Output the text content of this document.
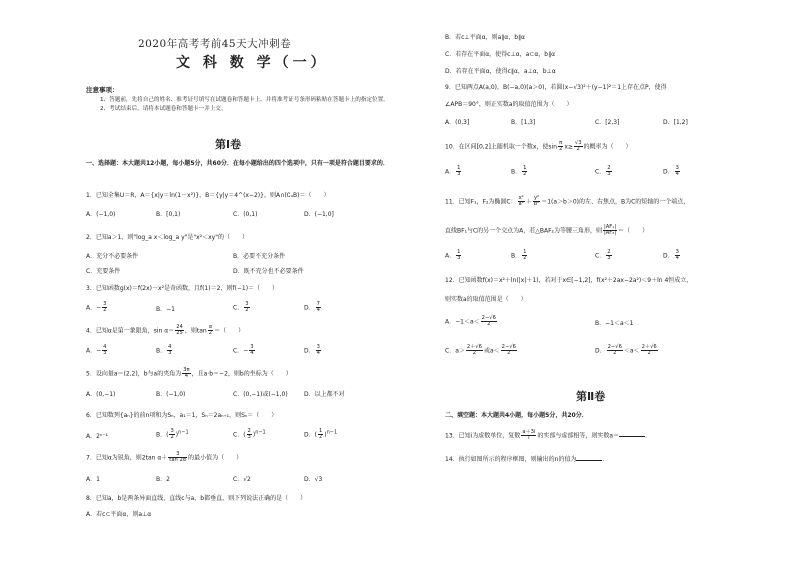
2020年高考考前45天大冲刺卷
文 科 数 学（一）
注意事项：

1、答题前，先将自己的姓名、准考证号填写在试题卷和答题卡上，并将准考证号条形码粘贴在答题卡上的指定位置。

2、考试结束后，请将本试题卷和答题卡一并上交。

第Ⅰ卷
一、选择题：本大题共12小题，每小题5分，共60分．在每小题给出的四个选项中，只有一项是符合题目要求的．
1．已知全集U＝R，A＝{x|y＝ln(1－x²)}，B＝{y|y＝4^(x−2)}，则A∩(∁ᵤB)＝（　　）
A．(−1,0)	B．[0,1)	C．(0,1)	D．(−1,0]
2．已知a＞1，则"log_a x＜log_a y"是"x²＜xy"的（　　）
A．充分不必要条件	B．必要不充分条件
C．充要条件	D．既不充分也不必要条件
3．已知函数g(x)＝f(2x)－x²是奇函数，且f(1)＝2，则f(−1)＝（　　）
A．− $\frac{3}{2}$	B．−1	C． $\frac{3}{2}$	D． $\frac{7}{4}$
4．已知α是第一象限角，$\sin \alpha= \frac{24}{25}$ ，则$\tan \frac{\alpha}{2}$ ＝（　　）
A．− $\frac{4}{3}$	B． $\frac{4}{3}$	C．− $\frac{3}{4}$	D． $\frac{3}{4}$
5．设向量a＝(2,2)，b与a的夹角为 $\frac{3\pi}{4}$ ，且a·b＝−2，则b的坐标为（　　）
A．(0,−1)	B．(−1,0)	C．(0,−1)或(−1,0)	D．以上都不对
6．已知数列{aₙ}的前n项和为Sₙ，a₁＝1，Sₙ＝2aₙ₊₁，则Sₙ＝（　　）
A．2ⁿ⁻¹	B．( $\frac{3}{2} )^{n-1}$	C．( $\frac{2}{3} )^{n-1}$	D．( $\frac{1}{2} )^{n-1}$
7．已知α为锐角，则2tan $\alpha+ \frac{3}{\tan 2\alpha}$ 的最小值为（　　）
A．1	B．2	C．√2	D．√3
8．已知a，b是两条异面直线，直线c与a，b都垂直，则下列说法正确的是（　　）
A．若c⊂平面α，则a⊥α
B．若c⊥平面α，则a∥α，b∥α
C．若存在平面α，使得c⊥α，a⊂α，b∥α
D．若存在平面α，使得c∥α，a⊥α，b⊥α
9．已知两点A(a,0)，B(−a,0)(a＞0)，若圆(x−√3)²＋(y−1)²＝1上存在点P，使得
∠APB＝90°，则正实数a的取值范围为（　　）
A．(0,3]	B．[1,3]	C．[2,3]	D．[1,2]
10．在区间[0,2]上随机取一个数x，使$\sin \frac{\pi}{2} x\ge \frac{√3}{2}$ 的概率为（　　）
A． $\frac{1}{3}$	B． $\frac{1}{2}$	C． $\frac{2}{3}$	D． $\frac{3}{4}$
11．已知F₁，F₂为椭圆C： $\frac{\text{x²}}{\text{a²}} + \frac{\text{y²}}{\text{b²}} =1(a>b>0)$的左、右焦点，B为C的短轴的一个端点，
直线BF₁与C的另一个交点为A，若△BAF₂为等腰三角形，则 $\frac{\text{|AF₁|}}{\text{|AF₂|}}$ ＝（　　）
A． $\frac{1}{3}$	B． $\frac{1}{2}$	C． $\frac{2}{3}$	D． $\frac{3}{4}$
12．已知函数f(x)＝x²＋ln(|x|＋1)，若对于x∈[−1,2]，f(x²＋2ax−2a²)＜9＋ln 4恒成立，
则实数a的取值范围是（　　）
A．$-1<a< \frac{2-√6}{2}$	B．−1＜a＜1
C．$a> \frac{2+√6}{2}$ 或$a< \frac{2-√6}{2}$	D． $\frac{2-√6}{2} <a< \frac{2+√6}{2}$
第Ⅱ卷
二、填空题：本大题共4小题，每小题5分，共20分．
13．已知i为虚数单位，复数 $\frac{a+3i}{i}$ 的实部与虚部相等，则实数a＝	．
14．执行如图所示的程序框图，则输出的n的值为	．
